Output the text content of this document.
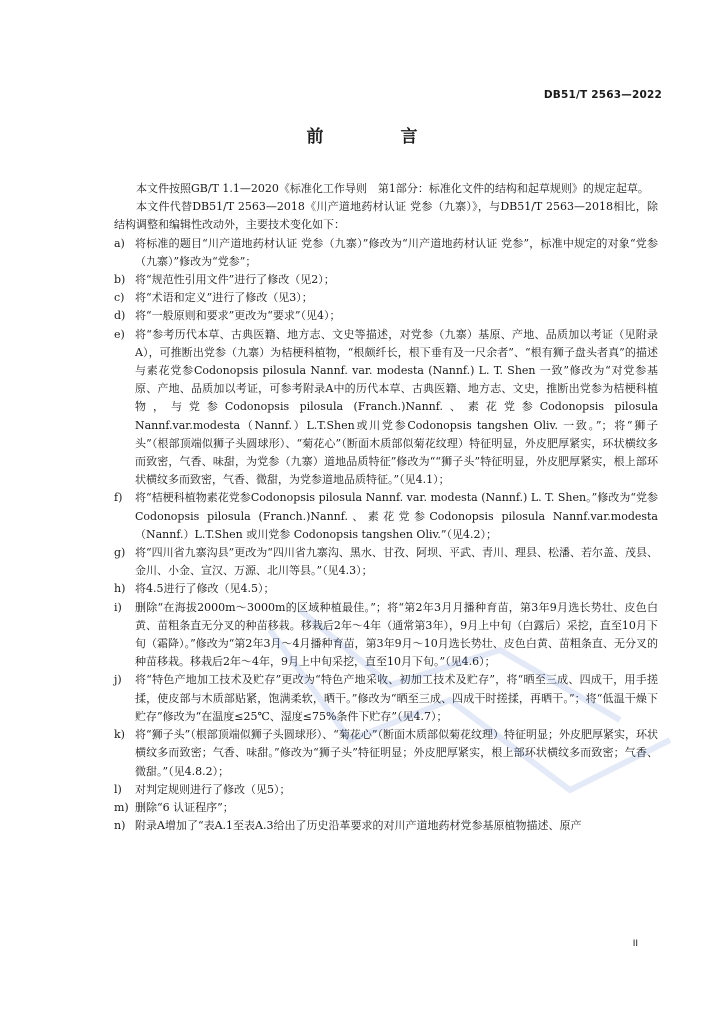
DB51/T 2563—2022
前　言

本文件按照GB/T 1.1—2020《标准化工作导则　第1部分：标准化文件的结构和起草规则》的规定起草。

本文件代替DB51/T 2563—2018《川产道地药材认证 党参（九寨）》，与DB51/T 2563—2018相比，除结构调整和编辑性改动外，主要技术变化如下：

a) 将标准的题目“川产道地药材认证 党参（九寨）”修改为“川产道地药材认证 党参”，标准中规定的对象“党参（九寨）”修改为“党参”；
b) 将“规范性引用文件”进行了修改（见2）；
c) 将“术语和定义”进行了修改（见3）；
d) 将“一般原则和要求”更改为“要求”（见4）；
e) 将“参考历代本草、古典医籍、地方志、文史等描述，对党参（九寨）基原、产地、品质加以考证（见附录A），可推断出党参（九寨）为桔梗科植物，“根颇纤长，根下垂有及一尺余者”、“根有狮子盘头者真”的描述与素花党参Codonopsis pilosula Nannf. var. modesta (Nannf.) L. T. Shen 一致”修改为“对党参基原、产地、品质加以考证，可参考附录A中的历代本草、古典医籍、地方志、文史，推断出党参为桔梗科植物，与党参Codonopsis pilosula (Franch.)Nannf.、素花党参Codonopsis pilosula Nannf.var.modesta（Nannf.）L.T.Shen或川党参Codonopsis tangshen Oliv. 一致。”；将“狮子头”（根部顶端似狮子头圆球形）、“菊花心”（断面木质部似菊花纹理）特征明显，外皮肥厚紧实，环状横纹多而致密，气香、味甜，为党参（九寨）道地品质特征”修改为““狮子头”特征明显，外皮肥厚紧实，根上部环状横纹多而致密，气香、微甜，为党参道地品质特征。”（见4.1）；
f)	将“桔梗科植物素花党参Codonopsis pilosula Nannf. var. modesta (Nannf.) L. T. Shen。”修改为“党参Codonopsis pilosula (Franch.)Nannf.、素花党参Codonopsis pilosula Nannf.var.modesta（Nannf.）L.T.Shen 或川党参 Codonopsis tangshen Oliv.”（见4.2）；
g) 将“四川省九寨沟县”更改为“四川省九寨沟、黑水、甘孜、阿坝、平武、青川、理县、松潘、若尔盖、茂县、金川、小金、宣汉、万源、北川等县。”（见4.3）；
h) 将4.5进行了修改（见4.5）；
i)	删除“在海拔2000m～3000m的区域种植最佳。”；将“第2年3月月播种育苗，第3年9月选长势壮、皮色白黄、苗粗条直无分叉的种苗移栽。移栽后2年～4年（通常第3年），9月上中旬（白露后）采挖，直至10月下旬（霜降）。”修改为“第2年3月～4月播种育苗，第3年9月～10月选长势壮、皮色白黄、苗粗条直、无分叉的种苗移栽。移栽后2年～4年，9月上中旬采挖，直至10月下旬。”（见4.6）；
j)	将“特色产地加工技术及贮存”更改为“特色产地采收、初加工技术及贮存”，将“晒至三成、四成干，用手搓揉，使皮部与木质部贴紧，饱满柔软，晒干。”修改为“晒至三成、四成干时搓揉，再晒干。”；将“低温干燥下贮存”修改为“在温度≤25℃、湿度≤75%条件下贮存”（见4.7）；
k) 将“狮子头”（根部顶端似狮子头圆球形）、“菊花心”（断面木质部似菊花纹理）特征明显；外皮肥厚紧实，环状横纹多而致密；气香、味甜。”修改为“狮子头”特征明显；外皮肥厚紧实，根上部环状横纹多而致密；气香、微甜。”（见4.8.2）；
l)	对判定规则进行了修改（见5）；
m) 删除“6 认证程序”；
n) 附录A增加了“表A.1至表A.3给出了历史沿革要求的对川产道地药材党参基原植物描述、原产
II
